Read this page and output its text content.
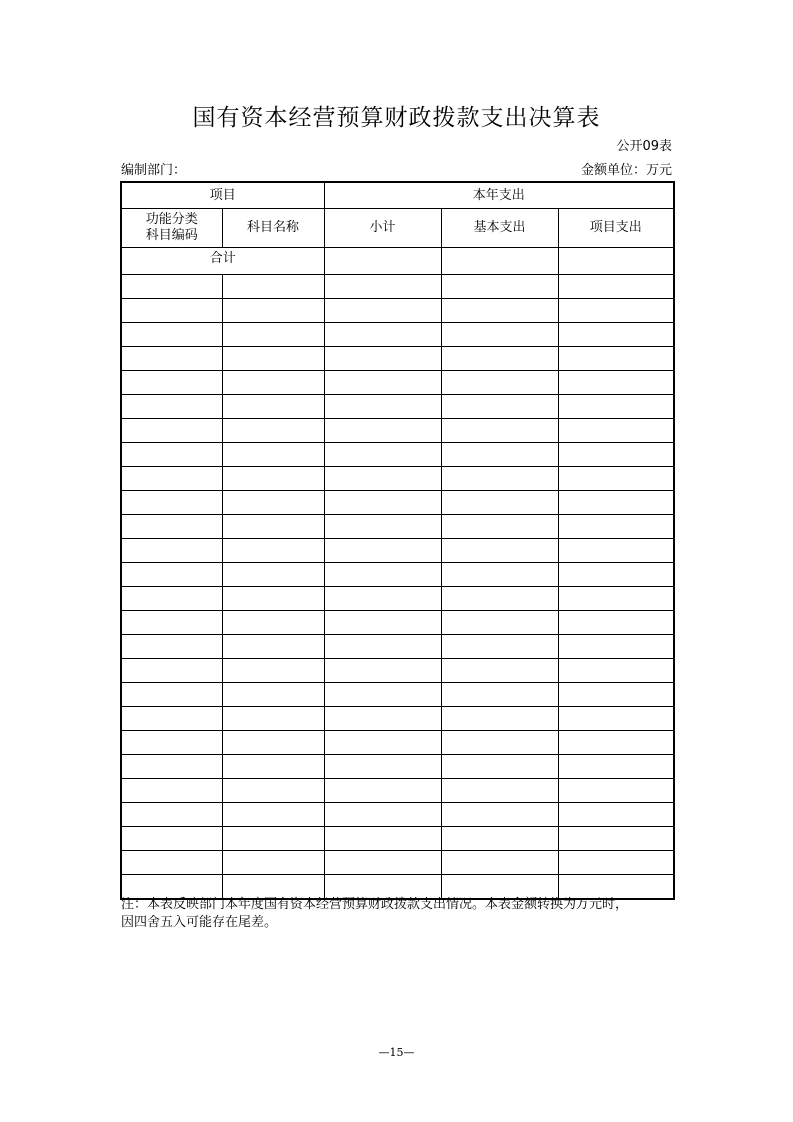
国有资本经营预算财政拨款支出决算表
公开09表
编制部门：	金额单位：万元
项目		本年支出		

功能分类
科目编码	科目名称	小计	基本支出	项目支出
合计				

注：本表反映部门本年度国有资本经营预算财政拨款支出情况。本表金额转换为万元时，
因四舍五入可能存在尾差。
—15—
